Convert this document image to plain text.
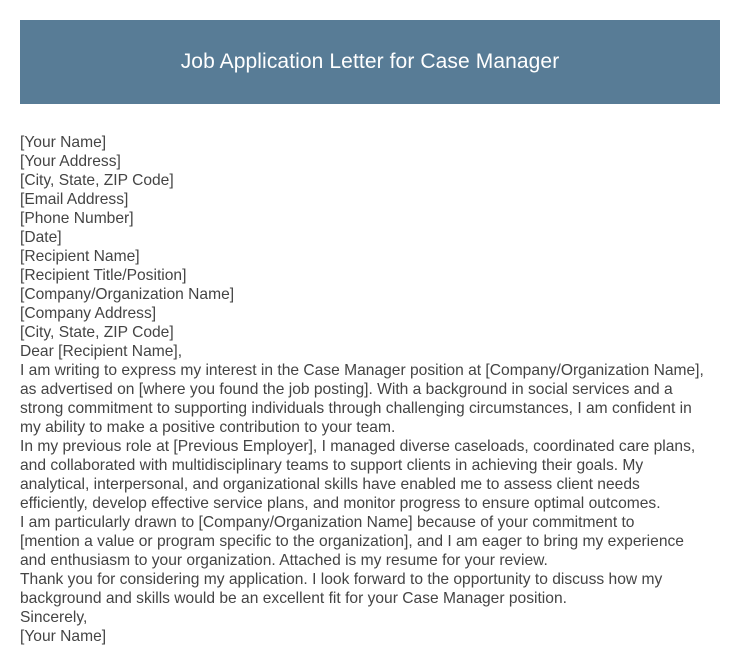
Job Application Letter for Case Manager
[Your Name]
[Your Address]
[City, State, ZIP Code]
[Email Address]
[Phone Number]
[Date]
[Recipient Name]
[Recipient Title/Position]
[Company/Organization Name]
[Company Address]
[City, State, ZIP Code]
Dear [Recipient Name],
I am writing to express my interest in the Case Manager position at [Company/Organization Name],
as advertised on [where you found the job posting]. With a background in social services and a
strong commitment to supporting individuals through challenging circumstances, I am confident in
my ability to make a positive contribution to your team.
In my previous role at [Previous Employer], I managed diverse caseloads, coordinated care plans,
and collaborated with multidisciplinary teams to support clients in achieving their goals. My
analytical, interpersonal, and organizational skills have enabled me to assess client needs
efficiently, develop effective service plans, and monitor progress to ensure optimal outcomes.
I am particularly drawn to [Company/Organization Name] because of your commitment to
[mention a value or program specific to the organization], and I am eager to bring my experience
and enthusiasm to your organization. Attached is my resume for your review.
Thank you for considering my application. I look forward to the opportunity to discuss how my
background and skills would be an excellent fit for your Case Manager position.
Sincerely,
[Your Name]
